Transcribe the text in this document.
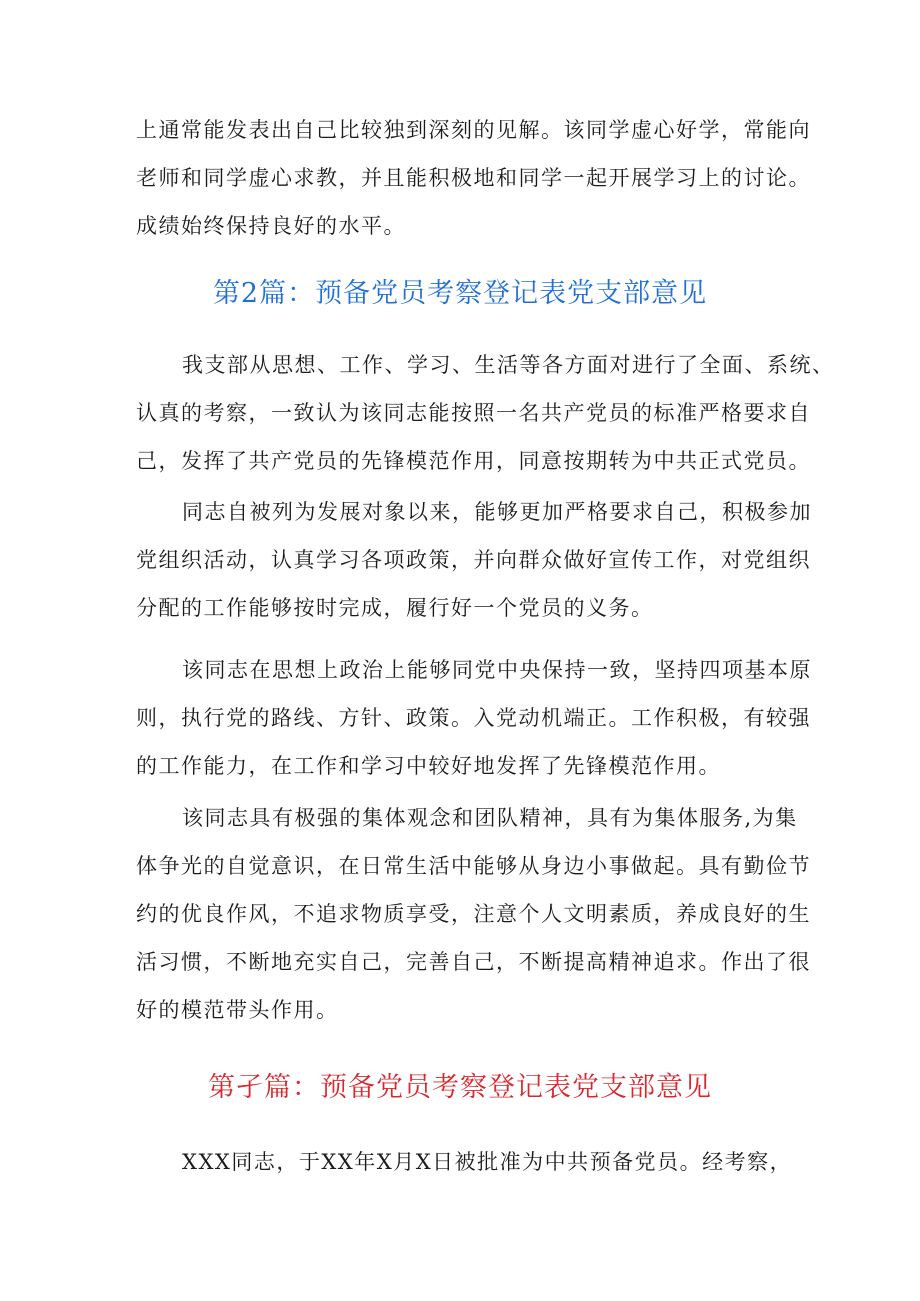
上通常能发表出自己比较独到深刻的见解。该同学虚心好学，常能向
老师和同学虚心求教，并且能积极地和同学一起开展学习上的讨论。
成绩始终保持良好的水平。

第2篇：预备党员考察登记表党支部意见

我支部从思想、工作、学习、生活等各方面对进行了全面、系统、
认真的考察，一致认为该同志能按照一名共产党员的标准严格要求自
己，发挥了共产党员的先锋模范作用，同意按期转为中共正式党员。

同志自被列为发展对象以来，能够更加严格要求自己，积极参加
党组织活动，认真学习各项政策，并向群众做好宣传工作，对党组织
分配的工作能够按时完成，履行好一个党员的义务。

该同志在思想上政治上能够同党中央保持一致，坚持四项基本原
则，执行党的路线、方针、政策。入党动机端正。工作积极，有较强
的工作能力，在工作和学习中较好地发挥了先锋模范作用。

该同志具有极强的集体观念和团队精神，具有为集体服务,为集
体争光的自觉意识，在日常生活中能够从身边小事做起。具有勤俭节
约的优良作风，不追求物质享受，注意个人文明素质，养成良好的生
活习惯，不断地充实自己，完善自己，不断提高精神追求。作出了很
好的模范带头作用。

第孑篇：预备党员考察登记表党支部意见

XXX同志，于XX年X月X日被批准为中共预备党员。经考察，
